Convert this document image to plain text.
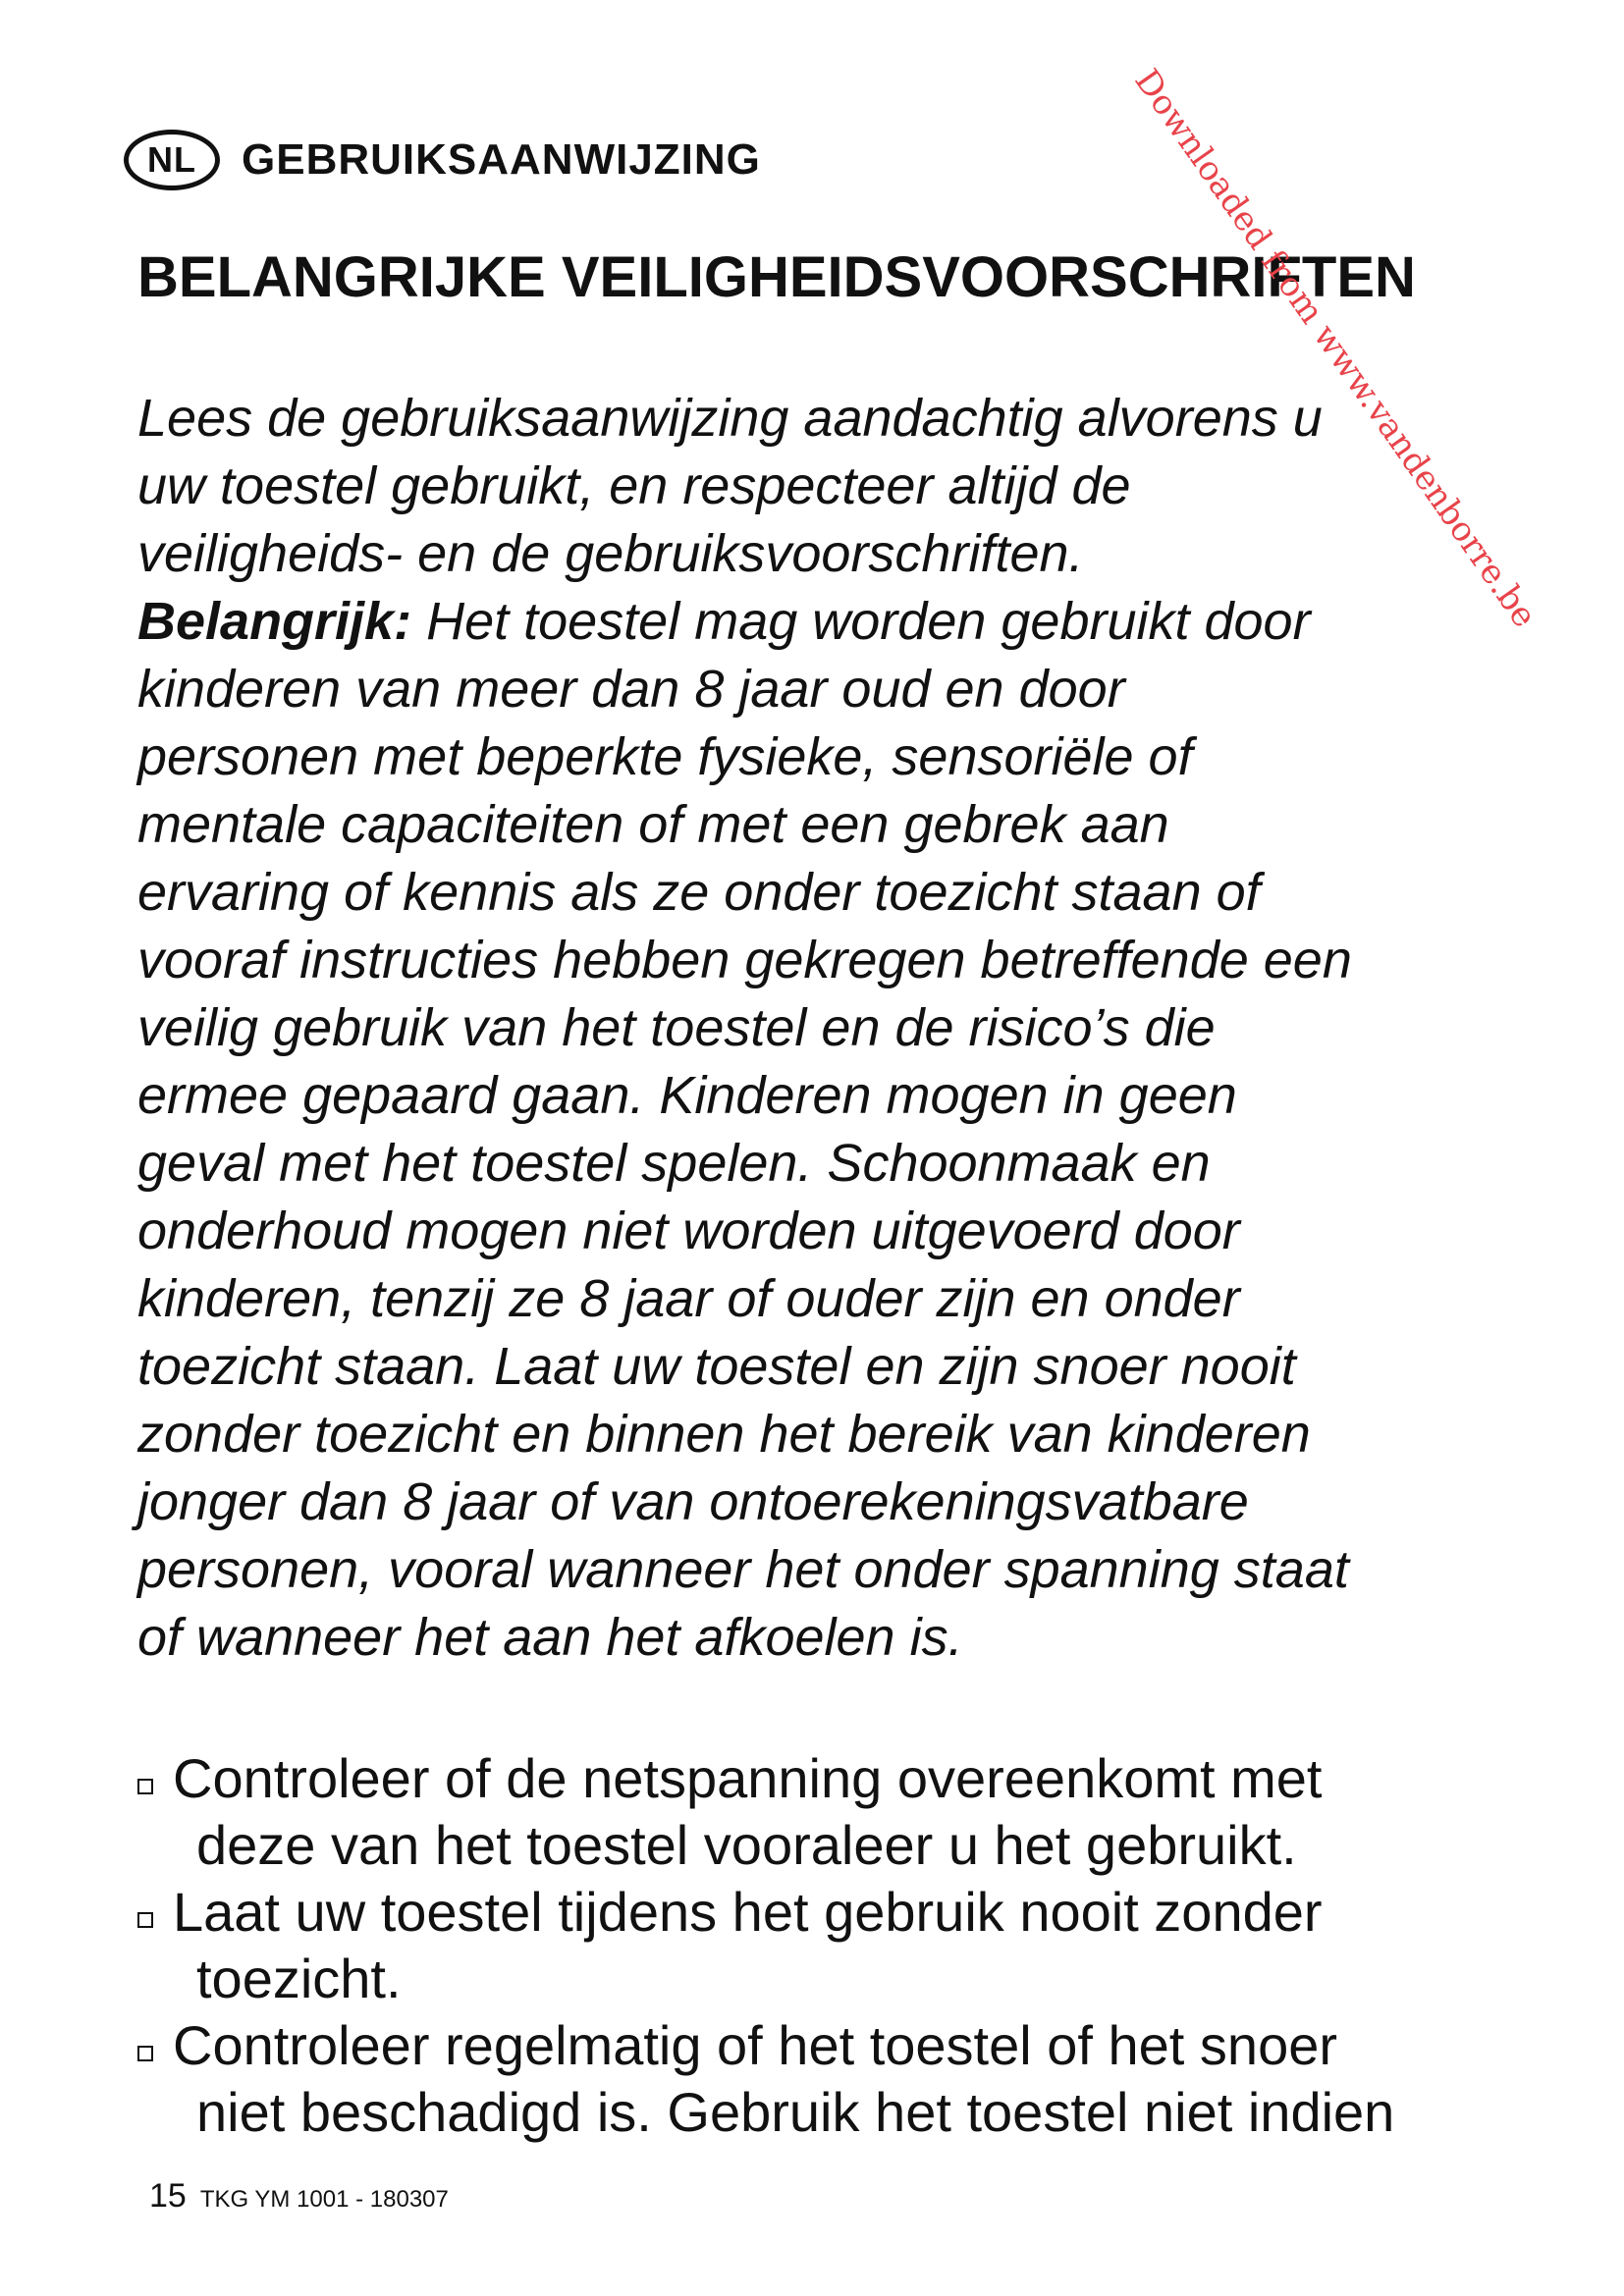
NL	GEBRUIKSAANWIJZING
BELANGRIJKE VEILIGHEIDSVOORSCHRIFTEN
Lees de gebruiksaanwijzing aandachtig alvorens u
uw toestel gebruikt, en respecteer altijd de
veiligheids- en de gebruiksvoorschriften.
Belangrijk: Het toestel mag worden gebruikt door
kinderen van meer dan 8 jaar oud en door
personen met beperkte fysieke, sensoriële of
mentale capaciteiten of met een gebrek aan
ervaring of kennis als ze onder toezicht staan of
vooraf instructies hebben gekregen betreffende een
veilig gebruik van het toestel en de risico’s die
ermee gepaard gaan. Kinderen mogen in geen
geval met het toestel spelen. Schoonmaak en
onderhoud mogen niet worden uitgevoerd door
kinderen, tenzij ze 8 jaar of ouder zijn en onder
toezicht staan. Laat uw toestel en zijn snoer nooit
zonder toezicht en binnen het bereik van kinderen
jonger dan 8 jaar of van ontoerekeningsvatbare
personen, vooral wanneer het onder spanning staat
of wanneer het aan het afkoelen is.
Controleer of de netspanning overeenkomt met
deze van het toestel vooraleer u het gebruikt.
Laat uw toestel tijdens het gebruik nooit zonder
toezicht.
Controleer regelmatig of het toestel of het snoer
niet beschadigd is. Gebruik het toestel niet indien
15 TKG YM 1001 - 180307
Downloaded from www.vandenborre.be
